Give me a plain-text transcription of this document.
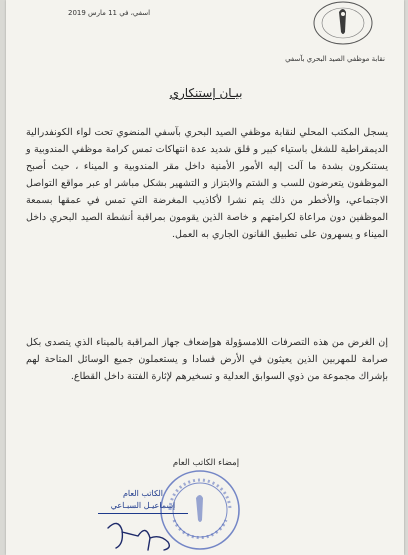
اسفي، في 11 مارس 2019
نقابة موظفي الصيد البحري بآسفي
بيـان إستنكاري
يسجل المكتب المحلي لنقابة موظفي الصيد البحري بآسفي المنضوي تحت لواء الكونفدرالية الديمقراطية للشغل باستياء كبير و قلق شديد عدة انتهاكات تمس كرامة موظفي المندوبية و يستنكرون بشدة ما آلت إليه الأمور الأمنية داخل مقر المندوبية و الميناء ، حيث أصبح الموظفون يتعرضون للسب و الشتم والابتزاز و التشهير بشكل مباشر او عبر مواقع التواصل الاجتماعي، والأخطر من ذلك يتم نشرا لأكاذيب المغرضة التي تمس في عمقها بسمعة الموظفين دون مراعاة لكرامتهم و خاصة الذين يقومون بمراقبة أنشطة الصيد البحري داخل الميناء و يسهرون على تطبيق القانون الجاري به العمل.
إن الغرض من هذه التصرفات اللامسؤولة هوإضعاف جهاز المراقبة بالميناء الذي يتصدى بكل صرامة للمهربين الذين يعيثون في الأرض فسادا و يستعملون جميع الوسائل المتاحة لهم بإشراك مجموعة من ذوي السوابق العدلية و تسخيرهم لإثارة الفتنة داخل القطاع.
إمضاء الكاتب العام
الكاتب العام
إسماعيـل السبـاعي
